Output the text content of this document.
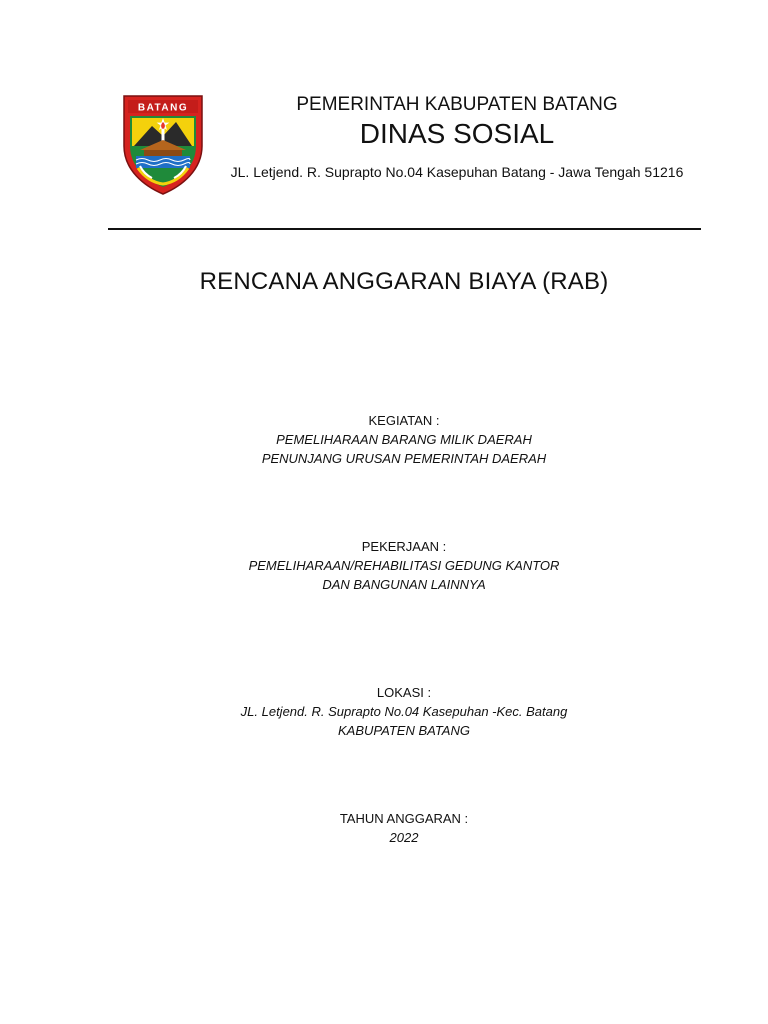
BATANG	PEMERINTAH KABUPATEN BATANG
DINAS SOSIAL
JL. Letjend. R. Suprapto No.04 Kasepuhan Batang - Jawa Tengah 51216
RENCANA ANGGARAN BIAYA (RAB)
KEGIATAN :
PEMELIHARAAN BARANG MILIK DAERAH
PENUNJANG URUSAN PEMERINTAH DAERAH
PEKERJAAN :
PEMELIHARAAN/REHABILITASI GEDUNG KANTOR
DAN BANGUNAN LAINNYA
LOKASI :
JL. Letjend. R. Suprapto No.04 Kasepuhan -Kec. Batang
KABUPATEN BATANG
TAHUN ANGGARAN :
2022
